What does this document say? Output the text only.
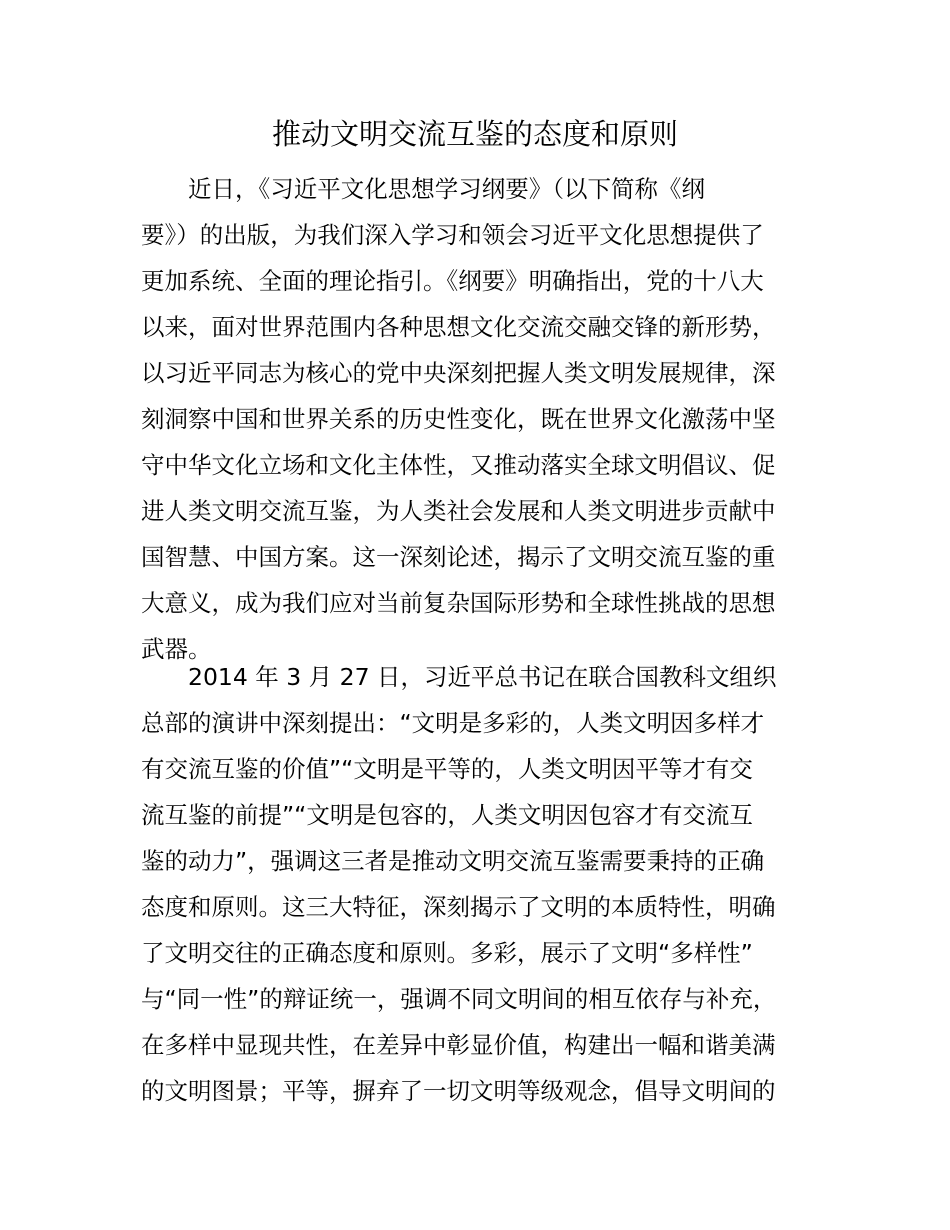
推动文明交流互鉴的态度和原则
　　近日，《习近平文化思想学习纲要》（以下简称《纲
要》）的出版，为我们深入学习和领会习近平文化思想提供了
更加系统、全面的理论指引。《纲要》明确指出，党的十八大
以来，面对世界范围内各种思想文化交流交融交锋的新形势，
以习近平同志为核心的党中央深刻把握人类文明发展规律，深
刻洞察中国和世界关系的历史性变化，既在世界文化激荡中坚
守中华文化立场和文化主体性，又推动落实全球文明倡议、促
进人类文明交流互鉴，为人类社会发展和人类文明进步贡献中
国智慧、中国方案。这一深刻论述，揭示了文明交流互鉴的重
大意义，成为我们应对当前复杂国际形势和全球性挑战的思想
武器。
　　2014 年 3 月 27 日，习近平总书记在联合国教科文组织
总部的演讲中深刻提出：“文明是多彩的，人类文明因多样才
有交流互鉴的价值”“文明是平等的，人类文明因平等才有交
流互鉴的前提”“文明是包容的，人类文明因包容才有交流互
鉴的动力”，强调这三者是推动文明交流互鉴需要秉持的正确
态度和原则。这三大特征，深刻揭示了文明的本质特性，明确
了文明交往的正确态度和原则。多彩，展示了文明“多样性”
与“同一性”的辩证统一，强调不同文明间的相互依存与补充，
在多样中显现共性，在差异中彰显价值，构建出一幅和谐美满
的文明图景；平等，摒弃了一切文明等级观念，倡导文明间的
